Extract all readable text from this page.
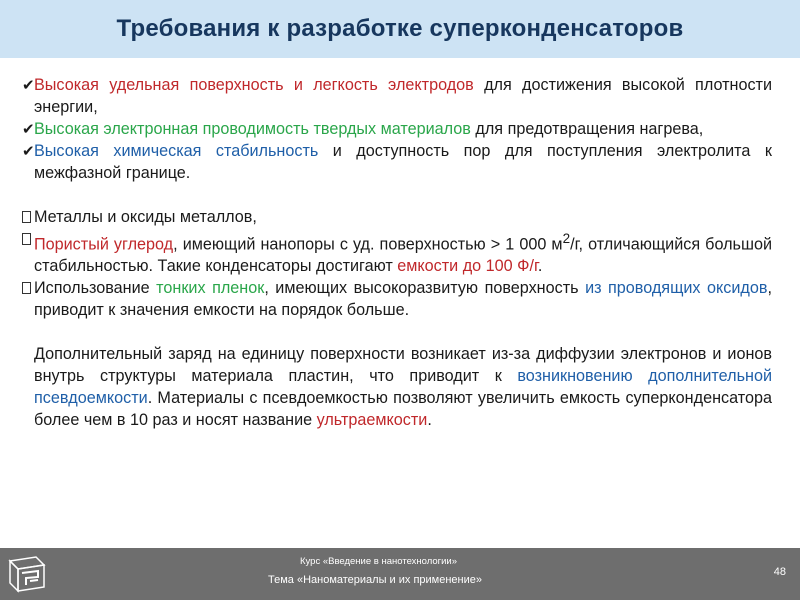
Требования к разработке суперконденсаторов
✔ Высокая удельная поверхность и легкость электродов для достижения высокой плотности энергии,

✔ Высокая электронная проводимость твердых материалов для предотвращения нагрева,

✔ Высокая химическая стабильность и доступность пор для поступления электролита к межфазной границе.

Металлы и оксиды металлов,

Пористый углерод, имеющий нанопоры с уд. поверхностью > 1 000 $м^2/г$, отличающийся большой стабильностью. Такие конденсаторы достигают емкости до 100 Ф/г.

Использование тонких пленок, имеющих высокоразвитую поверхность из проводящих оксидов, приводит к значения емкости на порядок больше.

Дополнительный заряд на единицу поверхности возникает из-за диффузии электронов и ионов внутрь структуры материала пластин, что приводит к возникновению дополнительной псевдоемкости. Материалы с псевдоемкостью позволяют увеличить емкость суперконденсатора более чем в 10 раз и носят название ультраемкости.

Курс «Введение в нанотехнологии»
Тема «Наноматериалы и их применение»
48
